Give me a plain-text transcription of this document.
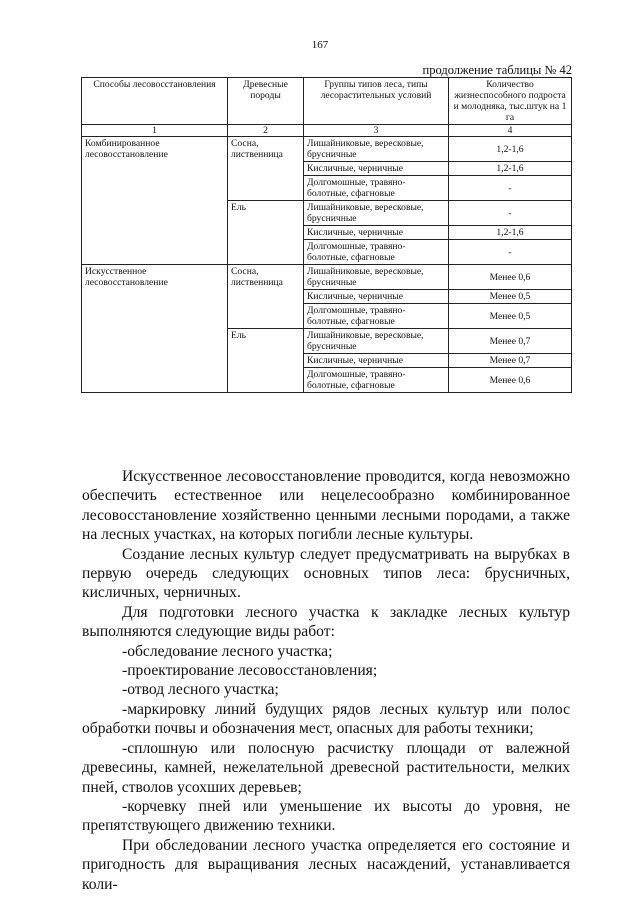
167
продолжение таблицы № 42
Способы лесовосстановления	Древесные породы	Группы типов леса, типы лесорастительных условий	Количество жизнеспособного подроста и молодняка, тыс.штук на 1 га
1	2	3	4
Комбинированное лесовосстановление	Сосна, лиственница	Лишайниковые, вересковые, брусничные	1,2-1,6
		Кисличные, черничные	1,2-1,6
		Долгомошные, травяно-болотные, сфагновые	-
	Ель	Лишайниковые, вересковые, брусничные	-
		Кисличные, черничные	1,2-1,6
		Долгомошные, травяно-болотные, сфагновые	-
Искусственное лесовосстановление	Сосна, лиственница	Лишайниковые, вересковые, брусничные	Менее 0,6
		Кисличные, черничные	Менее 0,5
		Долгомошные, травяно-болотные, сфагновые	Менее 0,5
	Ель	Лишайниковые, вересковые, брусничные	Менее 0,7
		Кисличные, черничные	Менее 0,7
		Долгомошные, травяно-болотные, сфагновые	Менее 0,6

Искусственное лесовосстановление проводится, когда невозможно обеспечить естественное или нецелесообразно комбинированное лесовосстановление хозяйственно ценными лесными породами, а также на лесных участках, на которых погибли лесные культуры.

Создание лесных культур следует предусматривать на вырубках в первую очередь следующих основных типов леса: брусничных, кисличных, черничных.

Для подготовки лесного участка к закладке лесных культур выполняются следующие виды работ:

-обследование лесного участка;

-проектирование лесовосстановления;

-отвод лесного участка;

-маркировку линий будущих рядов лесных культур или полос обработки почвы и обозначения мест, опасных для работы техники;

-сплошную или полосную расчистку площади от валежной древесины, камней, нежелательной древесной растительности, мелких пней, стволов усохших деревьев;

-корчевку пней или уменьшение их высоты до уровня, не препятствующего движению техники.

При обследовании лесного участка определяется его состояние и пригодность для выращивания лесных насаждений, устанавливается коли-
